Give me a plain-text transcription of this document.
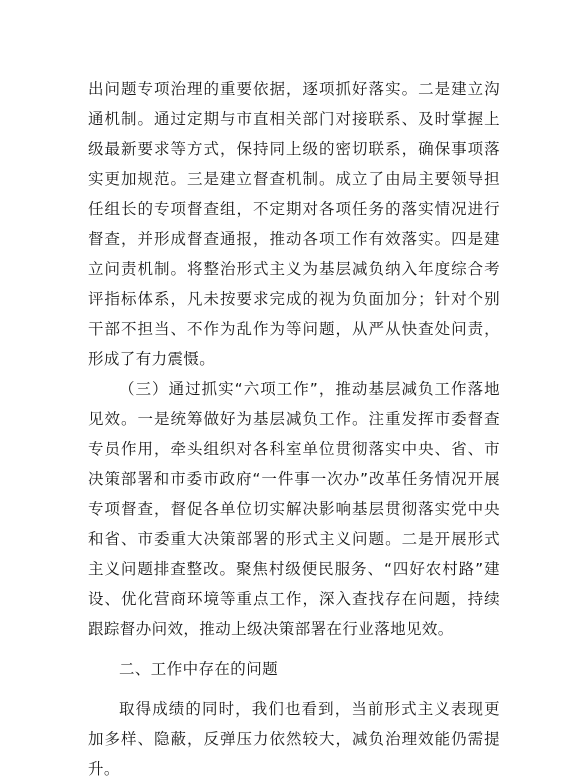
出问题专项治理的重要依据，逐项抓好落实。二是建立沟通机制。通过定期与市直相关部门对接联系、及时掌握上级最新要求等方式，保持同上级的密切联系，确保事项落实更加规范。三是建立督查机制。成立了由局主要领导担任组长的专项督查组，不定期对各项任务的落实情况进行督查，并形成督查通报，推动各项工作有效落实。四是建立问责机制。将整治形式主义为基层减负纳入年度综合考评指标体系，凡未按要求完成的视为负面加分；针对个别干部不担当、不作为乱作为等问题，从严从快查处问责，形成了有力震慑。

（三）通过抓实“六项工作”，推动基层减负工作落地见效。一是统筹做好为基层减负工作。注重发挥市委督查专员作用，牵头组织对各科室单位贯彻落实中央、省、市决策部署和市委市政府“一件事一次办”改革任务情况开展专项督查，督促各单位切实解决影响基层贯彻落实党中央和省、市委重大决策部署的形式主义问题。二是开展形式主义问题排查整改。聚焦村级便民服务、“四好农村路”建设、优化营商环境等重点工作，深入查找存在问题，持续跟踪督办问效，推动上级决策部署在行业落地见效。

二、工作中存在的问题

取得成绩的同时，我们也看到，当前形式主义表现更加多样、隐蔽，反弹压力依然较大，减负治理效能仍需提升。
